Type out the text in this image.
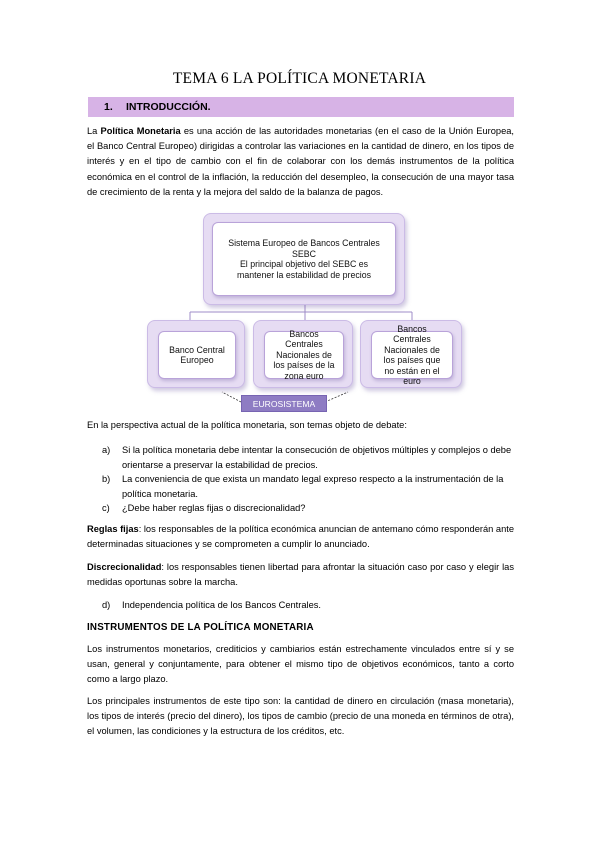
TEMA 6 LA POLÍTICA MONETARIA
1.	INTRODUCCIÓN.

La Política Monetaria es una acción de las autoridades monetarias (en el caso de la Unión Europea, el Banco Central Europeo) dirigidas a controlar las variaciones en la cantidad de dinero, en los tipos de interés y en el tipo de cambio con el fin de colaborar con los demás instrumentos de la política económica en el control de la inflación, la reducción del desempleo, la consecución de una mayor tasa de crecimiento de la renta y la mejora del saldo de la balanza de pagos.

Sistema Europeo de Bancos Centrales
SEBC
El principal objetivo del SEBC es mantener la estabilidad de precios
Banco Central Europeo
Bancos Centrales Nacionales de los países de la zona euro
Bancos Centrales Nacionales de los países que no están en el euro
EUROSISTEMA

En la perspectiva actual de la política monetaria, son temas objeto de debate:

a) Si la política monetaria debe intentar la consecución de objetivos múltiples y complejos o debe orientarse a preservar la estabilidad de precios.
b) La conveniencia de que exista un mandato legal expreso respecto a la instrumentación de la política monetaria.
c) ¿Debe haber reglas fijas o discrecionalidad?

Reglas fijas: los responsables de la política económica anuncian de antemano cómo responderán ante determinadas situaciones y se comprometen a cumplir lo anunciado.

Discrecionalidad: los responsables tienen libertad para afrontar la situación caso por caso y elegir las medidas oportunas sobre la marcha.

d) Independencia política de los Bancos Centrales.
INSTRUMENTOS DE LA POLÍTICA MONETARIA

Los instrumentos monetarios, crediticios y cambiarios están estrechamente vinculados entre sí y se usan, general y conjuntamente, para obtener el mismo tipo de objetivos económicos, tanto a corto como a largo plazo.

Los principales instrumentos de este tipo son: la cantidad de dinero en circulación (masa monetaria), los tipos de interés (precio del dinero), los tipos de cambio (precio de una moneda en términos de otra), el volumen, las condiciones y la estructura de los créditos, etc.
